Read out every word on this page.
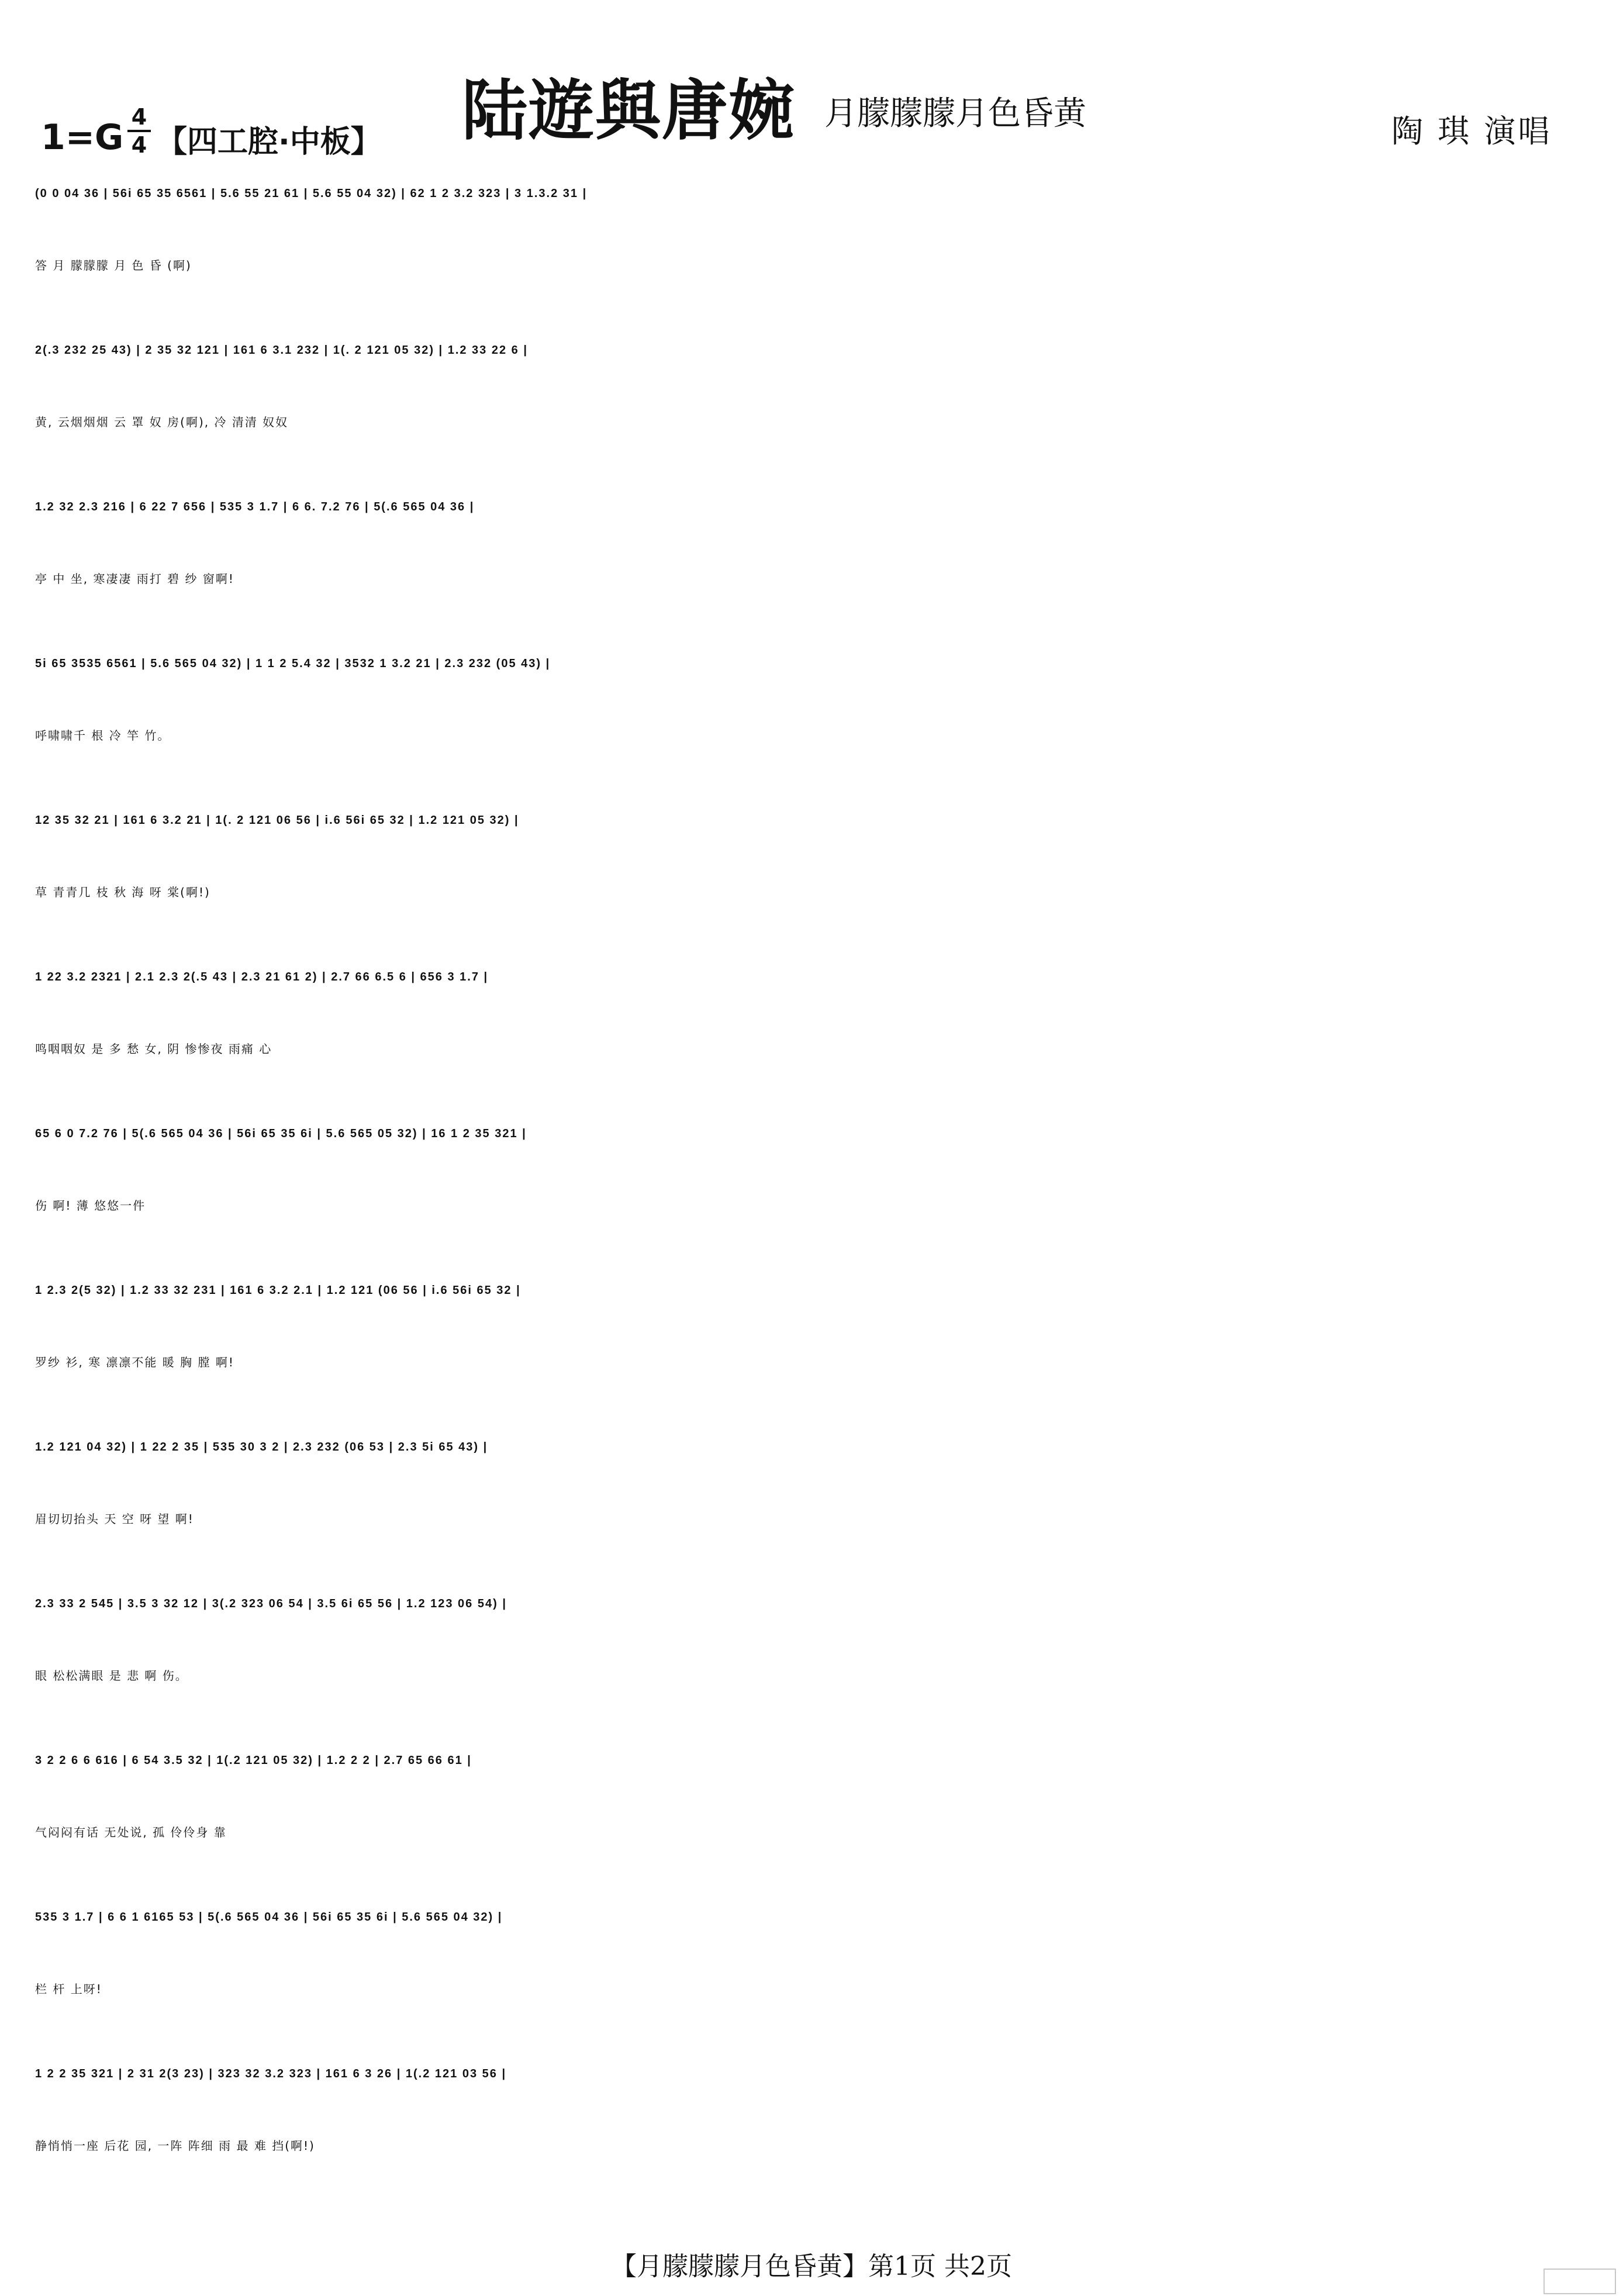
陆遊與唐婉 月朦朦朦月色昏黄	陶 琪 演唱
1=G 4
4 【四工腔·中板】
(0 0 04 36 | 56i 65 35 6561 | 5.6 55 21 61 | 5.6 55 04 32) | 62 1 2 3.2 323 | 3 1.3.2 31 |
答 月 朦朦朦 月 色 昏 (啊)
2(.3 232 25 43) | 2 35 32 121 | 161 6 3.1 232 | 1(. 2 121 05 32) | 1.2 33 22 6 |
黄, 云烟烟烟 云 罩 奴 房(啊), 冷 清清 奴奴
1.2 32 2.3 216 | 6 22 7 656 | 535 3 1.7 | 6 6. 7.2 76 | 5(.6 565 04 36 |
亭 中 坐, 寒凄凄 雨打 碧 纱 窗啊!
5i 65 3535 6561 | 5.6 565 04 32) | 1 1 2 5.4 32 | 3532 1 3.2 21 | 2.3 232 (05 43) |
呼啸啸千 根 冷 竿 竹。
12 35 32 21 | 161 6 3.2 21 | 1(. 2 121 06 56 | i.6 56i 65 32 | 1.2 121 05 32) |
草 青青几 枝 秋 海 呀 棠(啊!)
1 22 3.2 2321 | 2.1 2.3 2(.5 43 | 2.3 21 61 2) | 2.7 66 6.5 6 | 656 3 1.7 |
鸣咽咽奴 是 多 愁 女, 阴 惨惨夜 雨痛 心
65 6 0 7.2 76 | 5(.6 565 04 36 | 56i 65 35 6i | 5.6 565 05 32) | 16 1 2 35 321 |
伤 啊! 薄 悠悠一件
1 2.3 2(5 32) | 1.2 33 32 231 | 161 6 3.2 2.1 | 1.2 121 (06 56 | i.6 56i 65 32 |
罗纱 衫, 寒 凛凛不能 暖 胸 膛 啊!
1.2 121 04 32) | 1 22 2 35 | 535 30 3 2 | 2.3 232 (06 53 | 2.3 5i 65 43) |
眉切切抬头 天 空 呀 望 啊!
2.3 33 2 545 | 3.5 3 32 12 | 3(.2 323 06 54 | 3.5 6i 65 56 | 1.2 123 06 54) |
眼 松松满眼 是 悲 啊 伤。
3 2 2 6 6 616 | 6 54 3.5 32 | 1(.2 121 05 32) | 1.2 2 2 | 2.7 65 66 61 |
气闷闷有话 无处说, 孤 伶伶身 靠
535 3 1.7 | 6 6 1 6165 53 | 5(.6 565 04 36 | 56i 65 35 6i | 5.6 565 04 32) |
栏 杆 上呀!
1 2 2 35 321 | 2 31 2(3 23) | 323 32 3.2 323 | 161 6 3 26 | 1(.2 121 03 56 |
静悄悄一座 后花 园, 一阵 阵细 雨 最 难 挡(啊!)
【月朦朦朦月色昏黄】第1页 共2页
